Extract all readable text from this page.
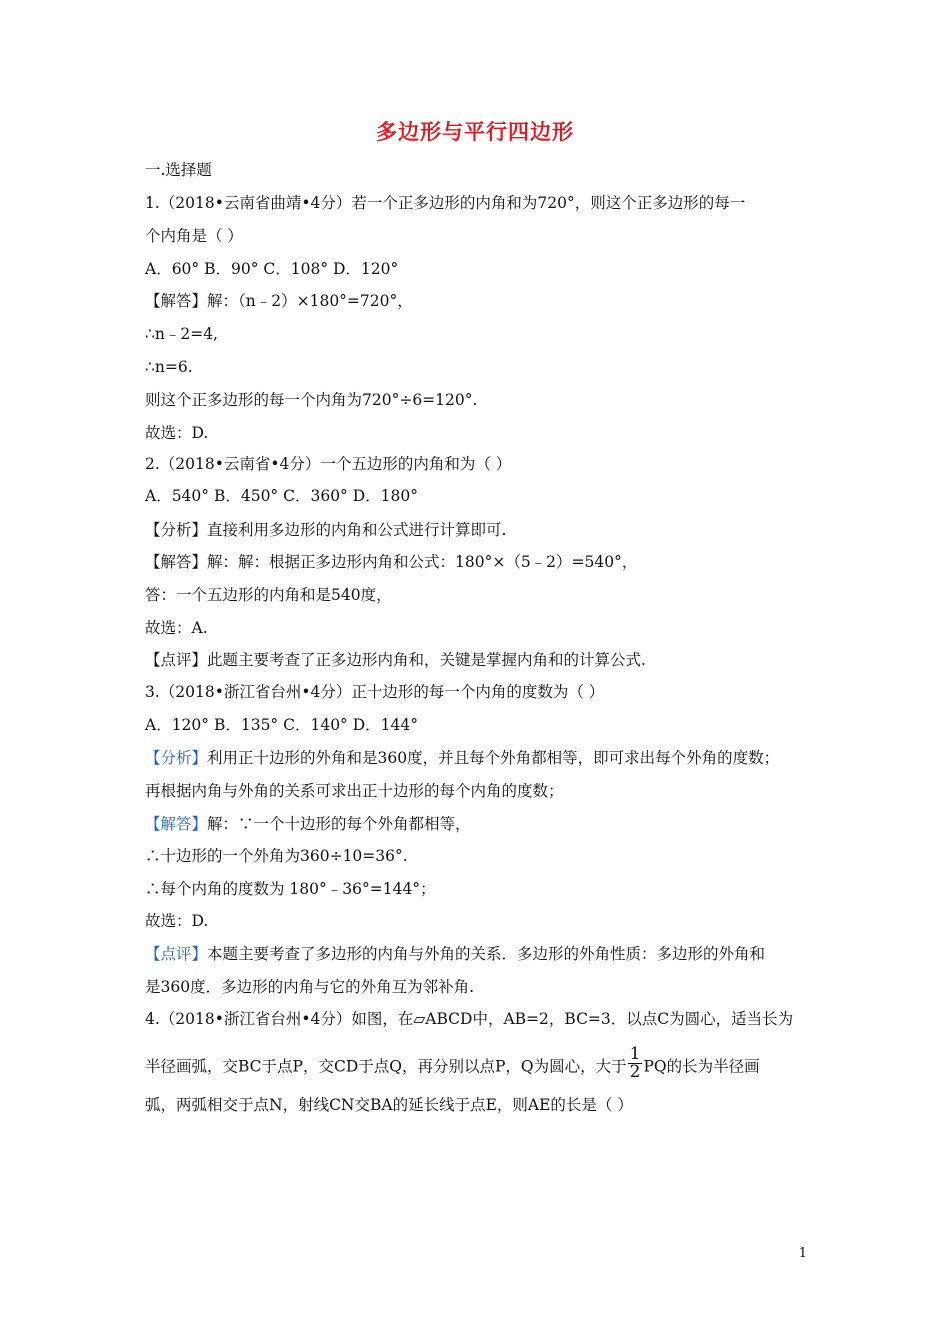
多边形与平行四边形
一.选择题
1.（2018•云南省曲靖•4分）若一个正多边形的内角和为720°，则这个正多边形的每一
个内角是（ ）
A．60° B．90° C．108° D．120°
【解答】解：（n﹣2）×180°=720°，
∴n﹣2=4,
∴n=6.
则这个正多边形的每一个内角为720°÷6=120°.
故选：D.
2.（2018•云南省•4分）一个五边形的内角和为（ ）
A．540° B．450° C．360° D．180°
【分析】直接利用多边形的内角和公式进行计算即可.
【解答】解：解：根据正多边形内角和公式：180°×（5﹣2）=540°，
答：一个五边形的内角和是540度，
故选：A.
【点评】此题主要考查了正多边形内角和，关键是掌握内角和的计算公式.
3.（2018•浙江省台州•4分）正十边形的每一个内角的度数为（ ）
A．120° B．135° C．140° D．144°
【分析】利用正十边形的外角和是360度，并且每个外角都相等，即可求出每个外角的度数；
再根据内角与外角的关系可求出正十边形的每个内角的度数；
【解答】解：∵一个十边形的每个外角都相等，
∴十边形的一个外角为360÷10=36°.
∴每个内角的度数为 180°﹣36°=144°；
故选：D.
【点评】本题主要考查了多边形的内角与外角的关系．多边形的外角性质：多边形的外角和
是360度．多边形的内角与它的外角互为邻补角.
4.（2018•浙江省台州•4分）如图，在▱ABCD中，AB=2，BC=3．以点C为圆心，适当长为
半径画弧，交BC于点P，交CD于点Q，再分别以点P，Q为圆心，大于 $\frac{1}{2}$ PQ的长为半径画
弧，两弧相交于点N，射线CN交BA的延长线于点E，则AE的长是（ ）
1
